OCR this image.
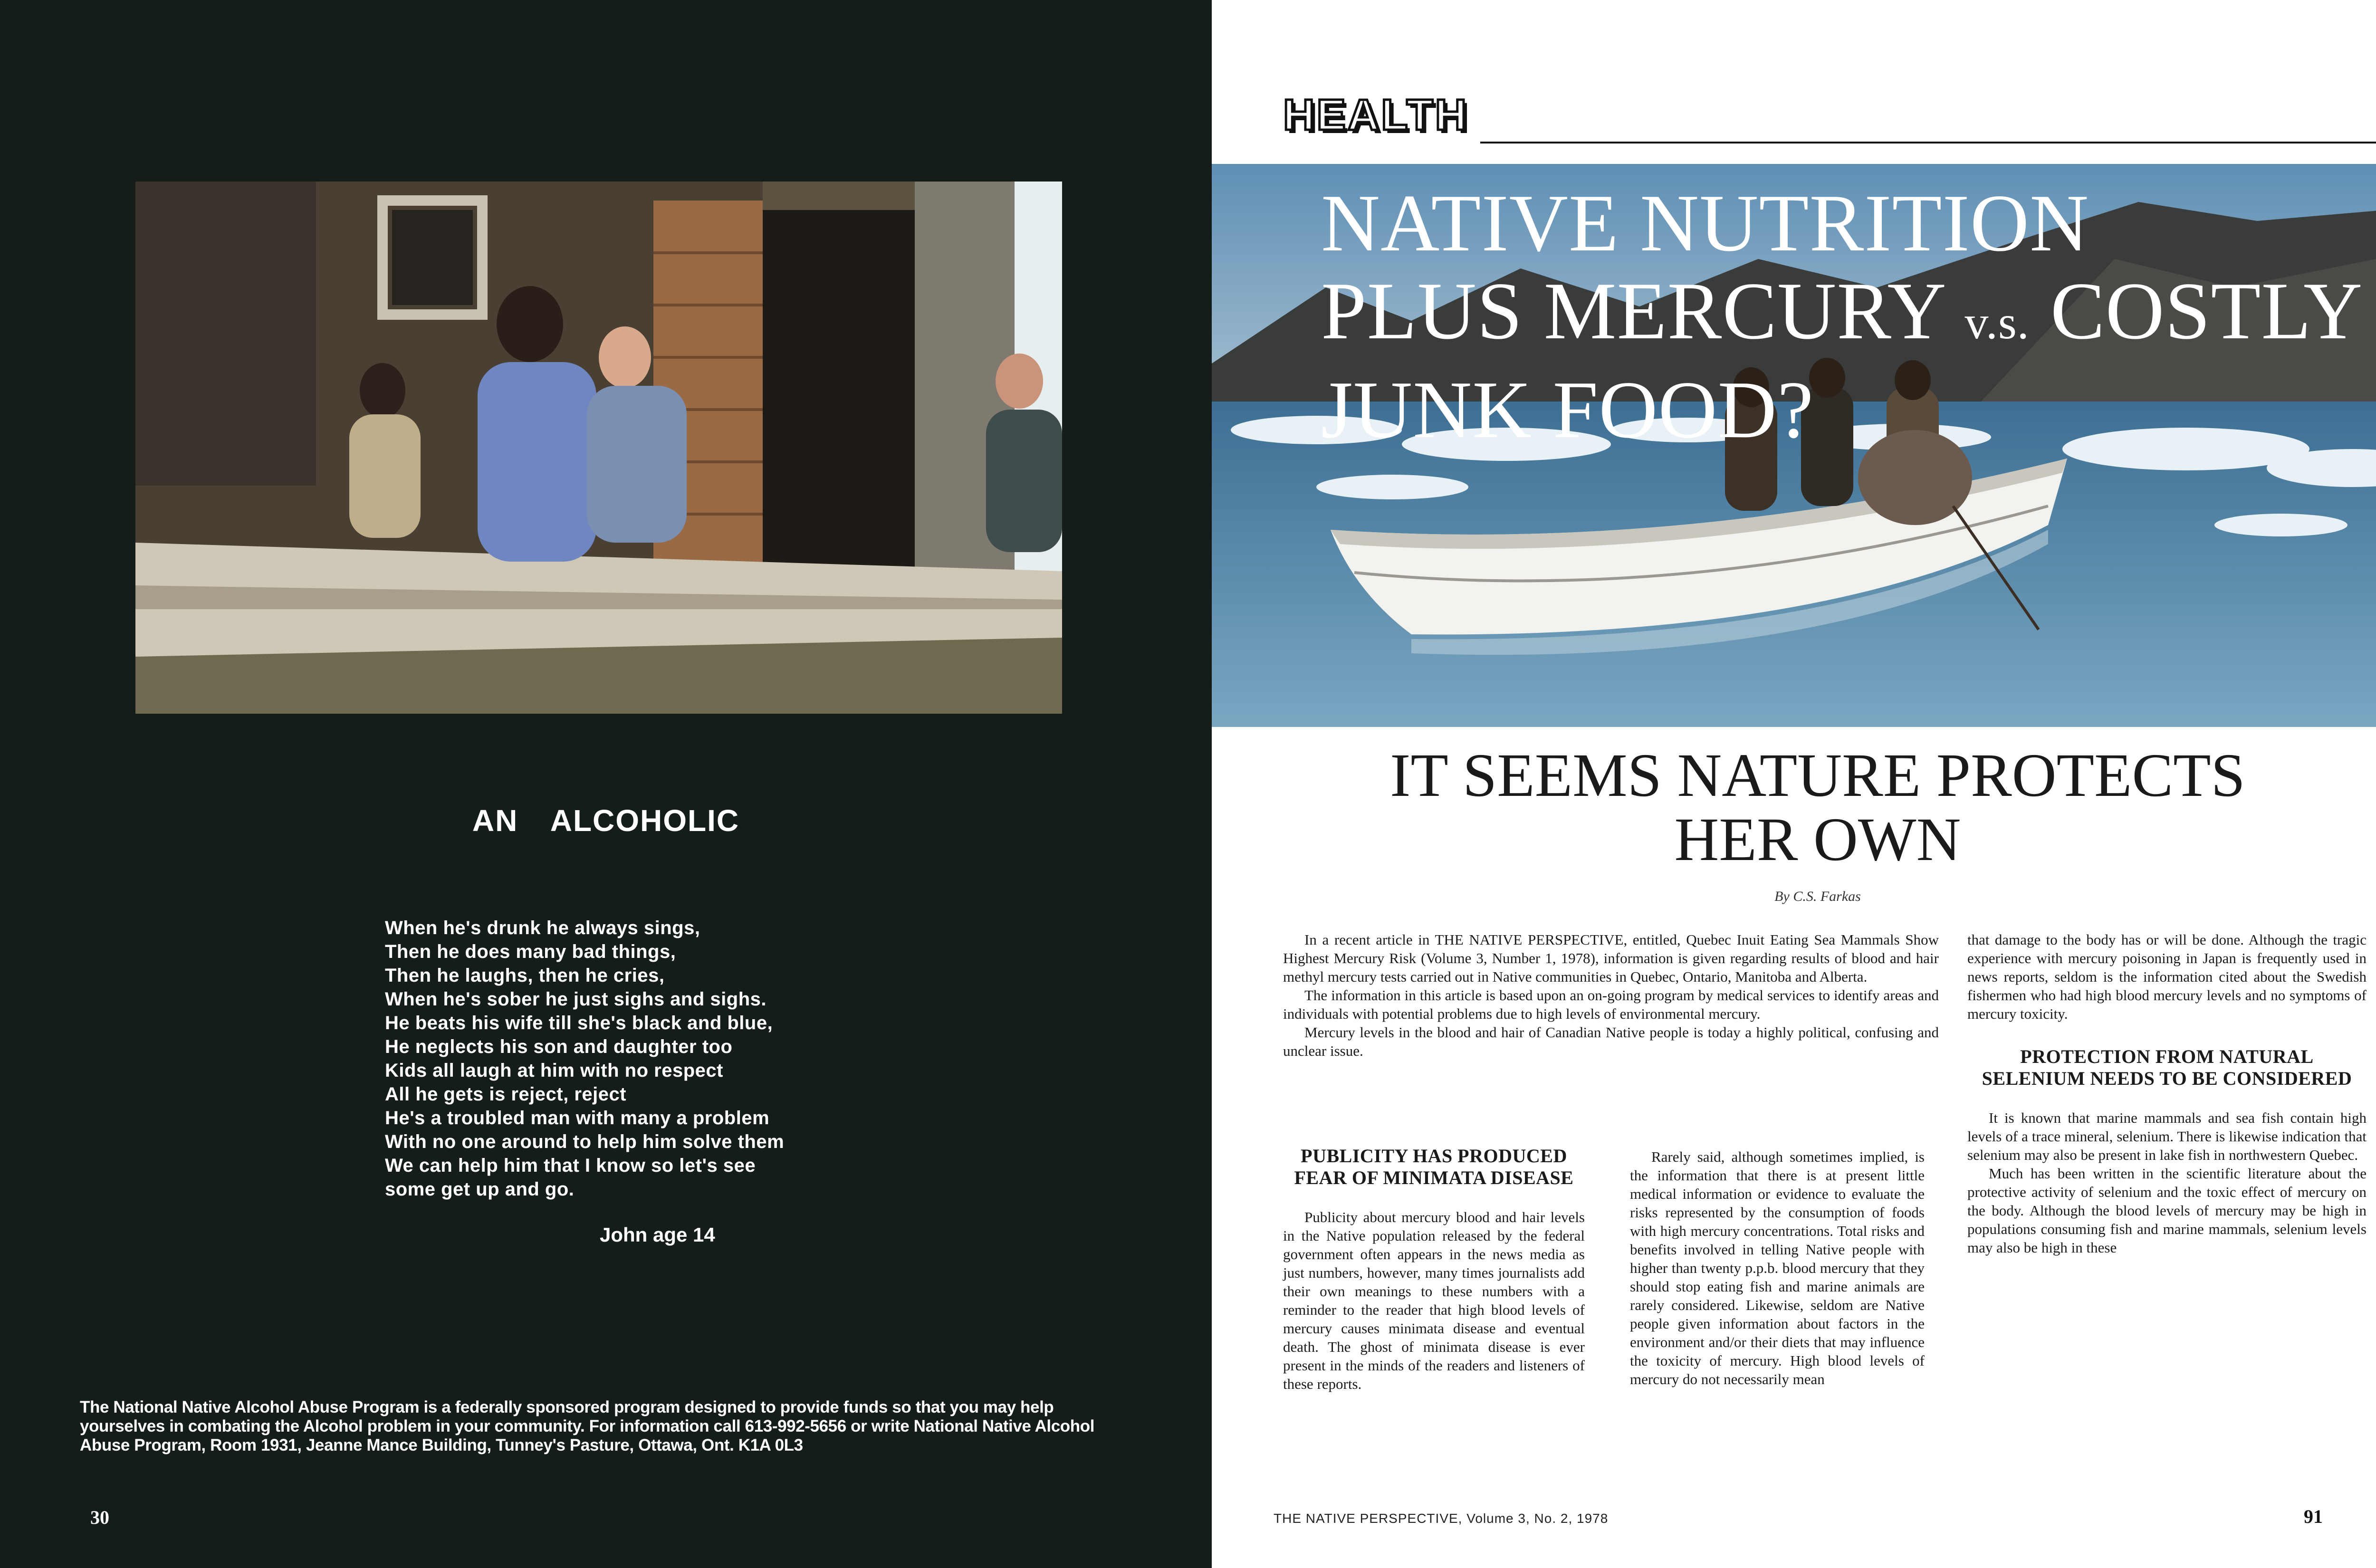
AN ALCOHOLIC
When he's drunk he always sings,
Then he does many bad things,
Then he laughs, then he cries,
When he's sober he just sighs and sighs.
He beats his wife till she's black and blue,
He neglects his son and daughter too
Kids all laugh at him with no respect
All he gets is reject, reject
He's a troubled man with many a problem
With no one around to help him solve them
We can help him that I know so let's see
some get up and go.
John age 14
The National Native Alcohol Abuse Program is a federally sponsored program designed to provide funds so that you may help yourselves in combating the Alcohol problem in your community. For information call 613-992-5656 or write National Native Alcohol Abuse Program, Room 1931, Jeanne Mance Building, Tunney's Pasture, Ottawa, Ont. K1A 0L3
30
HEALTH
NATIVE NUTRITION
PLUS MERCURY v.s. COSTLY
JUNK FOOD?
IT SEEMS NATURE PROTECTS
HER OWN
By C.S. Farkas

In a recent article in THE NATIVE PERSPECTIVE, entitled, Quebec Inuit Eating Sea Mammals Show Highest Mercury Risk (Volume 3, Number 1, 1978), information is given regarding results of blood and hair methyl mercury tests carried out in Native communities in Quebec, Ontario, Manitoba and Alberta.

The information in this article is based upon an on-going program by medical services to identify areas and individuals with potential problems due to high levels of environmental mercury.

Mercury levels in the blood and hair of Canadian Native people is today a highly political, confusing and unclear issue.

PUBLICITY HAS PRODUCED FEAR OF MINIMATA DISEASE

Publicity about mercury blood and hair levels in the Native population released by the federal government often appears in the news media as just numbers, however, many times journalists add their own meanings to these numbers with a reminder to the reader that high blood levels of mercury causes minimata disease and eventual death. The ghost of minimata disease is ever present in the minds of the readers and listeners of these reports.

Rarely said, although sometimes implied, is the information that there is at present little medical information or evidence to evaluate the risks represented by the consumption of foods with high mercury concentrations. Total risks and benefits involved in telling Native people with higher than twenty p.p.b. blood mercury that they should stop eating fish and marine animals are rarely considered. Likewise, seldom are Native people given information about factors in the environment and/or their diets that may influence the toxicity of mercury. High blood levels of mercury do not necessarily mean

that damage to the body has or will be done. Although the tragic experience with mercury poisoning in Japan is frequently used in news reports, seldom is the information cited about the Swedish fishermen who had high blood mercury levels and no symptoms of mercury toxicity.

PROTECTION FROM NATURAL SELENIUM NEEDS TO BE CONSIDERED

It is known that marine mammals and sea fish contain high levels of a trace mineral, selenium. There is likewise indication that selenium may also be present in lake fish in northwestern Quebec.

Much has been written in the scientific literature about the protective activity of selenium and the toxic effect of mercury on the body. Although the blood levels of mercury may be high in populations consuming fish and marine mammals, selenium levels may also be high in these

THE NATIVE PERSPECTIVE, Volume 3, No. 2, 1978	91
